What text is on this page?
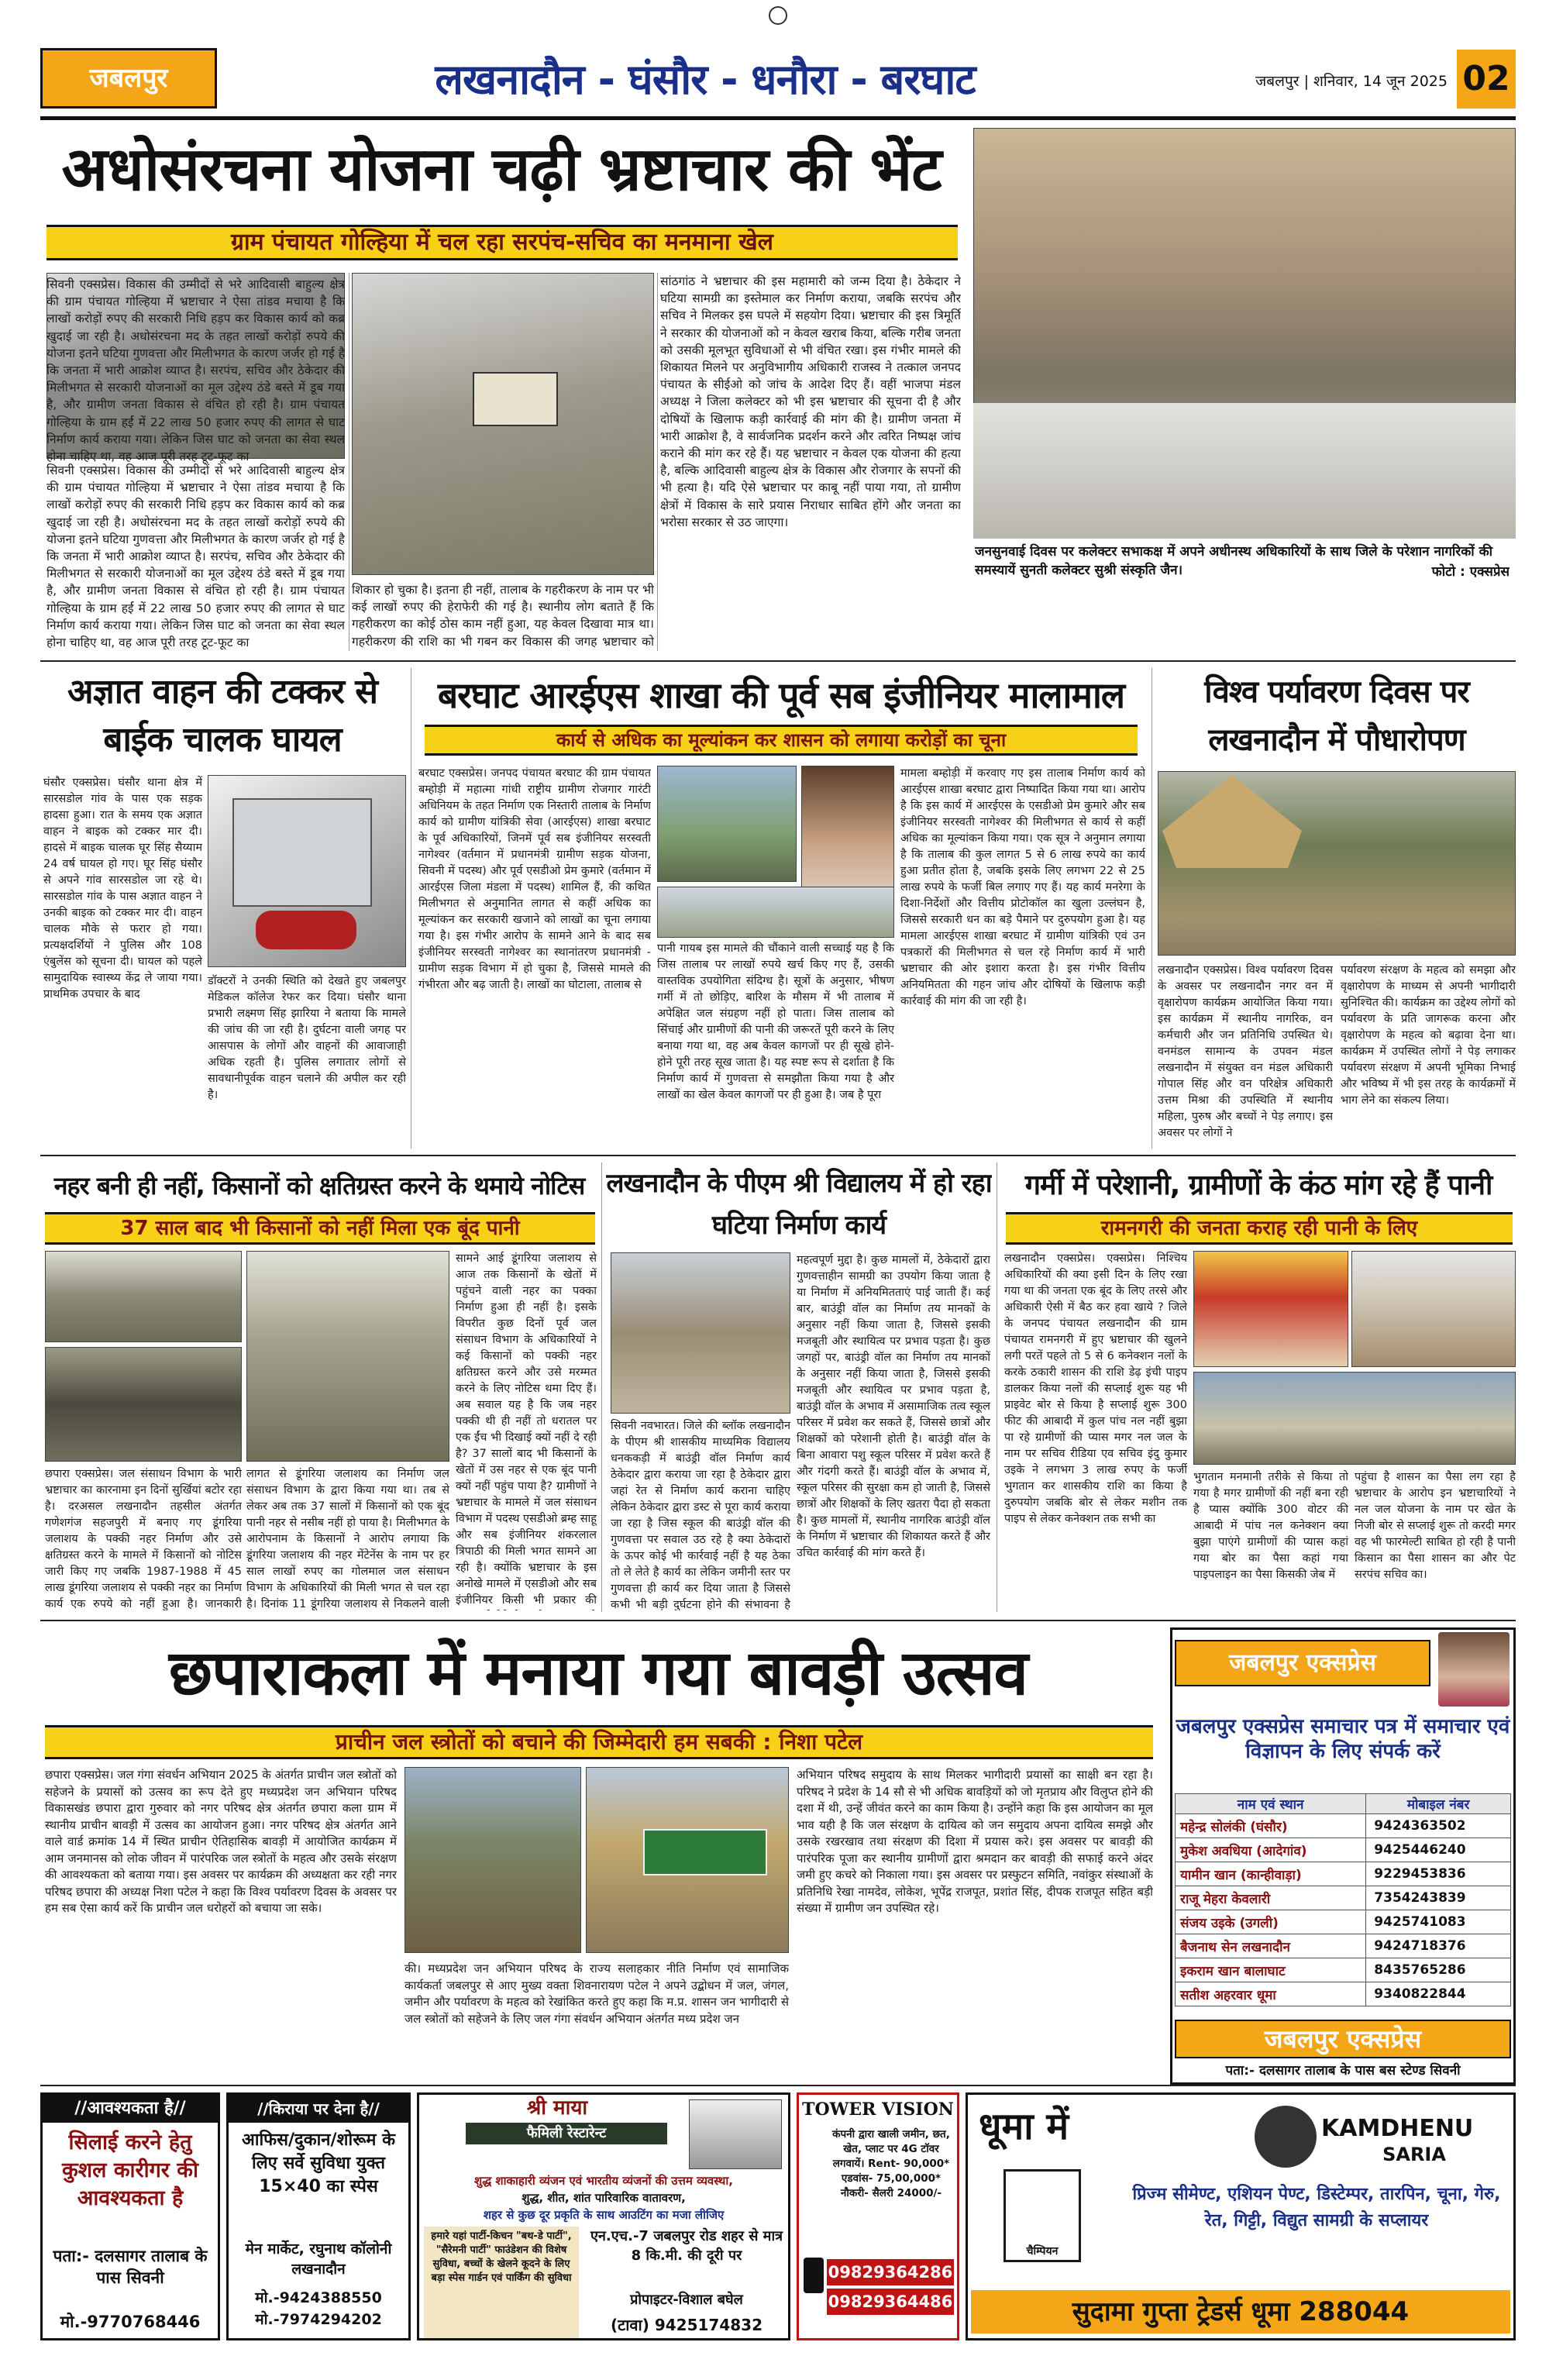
जबलपुर	लखनादौन - घंसौर - धनौरा - बरघाट	जबलपुर | शनिवार, 14 जून 2025 02
अधोसंरचना योजना चढ़ी भ्रष्टाचार की भेंट
ग्राम पंचायत गोल्हिया में चल रहा सरपंच-सचिव का मनमाना खेल
सिवनी एक्सप्रेस। विकास की उम्मीदों से भरे आदिवासी बाहुल्य क्षेत्र की ग्राम पंचायत गोल्हिया में भ्रष्टाचार ने ऐसा तांडव मचाया है कि लाखों करोड़ों रुपए की सरकारी निधि हड़प कर विकास कार्य को कब्र खुदाई जा रही है। अधोसंरचना मद के तहत लाखों करोड़ों रुपये की योजना इतने घटिया गुणवत्ता और मिलीभगत के कारण जर्जर हो गई है कि जनता में भारी आक्रोश व्याप्त है। सरपंच, सचिव और ठेकेदार की मिलीभगत से सरकारी योजनाओं का मूल उद्देश्य ठंडे बस्ते में डूब गया है, और ग्रामीण जनता विकास से वंचित हो रही है। ग्राम पंचायत गोल्हिया के ग्राम हर्ई में 22 लाख 50 हजार रुपए की लागत से घाट निर्माण कार्य कराया गया। लेकिन जिस घाट को जनता का सेवा स्थल होना चाहिए था, वह आज पूरी तरह टूट-फूट का
सिवनी एक्सप्रेस। विकास की उम्मीदों से भरे आदिवासी बाहुल्य क्षेत्र की ग्राम पंचायत गोल्हिया में भ्रष्टाचार ने ऐसा तांडव मचाया है कि लाखों करोड़ों रुपए की सरकारी निधि हड़प कर विकास कार्य को कब्र खुदाई जा रही है। अधोसंरचना मद के तहत लाखों करोड़ों रुपये की योजना इतने घटिया गुणवत्ता और मिलीभगत के कारण जर्जर हो गई है कि जनता में भारी आक्रोश व्याप्त है। सरपंच, सचिव और ठेकेदार की मिलीभगत से सरकारी योजनाओं का मूल उद्देश्य ठंडे बस्ते में डूब गया है, और ग्रामीण जनता विकास से वंचित हो रही है। ग्राम पंचायत गोल्हिया के ग्राम हर्ई में 22 लाख 50 हजार रुपए की लागत से घाट निर्माण कार्य कराया गया। लेकिन जिस घाट को जनता का सेवा स्थल होना चाहिए था, वह आज पूरी तरह टूट-फूट का
शिकार हो चुका है। इतना ही नहीं, तालाब के गहरीकरण के नाम पर भी कई लाखों रुपए की हेराफेरी की गई है। स्थानीय लोग बताते हैं कि गहरीकरण का कोई ठोस काम नहीं हुआ, यह केवल दिखावा मात्र था। गहरीकरण की राशि का भी गबन कर विकास की जगह भ्रष्टाचार को
सांठगांठ ने भ्रष्टाचार की इस महामारी को जन्म दिया है। ठेकेदार ने घटिया सामग्री का इस्तेमाल कर निर्माण कराया, जबकि सरपंच और सचिव ने मिलकर इस घपले में सहयोग दिया। भ्रष्टाचार की इस त्रिमूर्ति ने सरकार की योजनाओं को न केवल खराब किया, बल्कि गरीब जनता को उसकी मूलभूत सुविधाओं से भी वंचित रखा। इस गंभीर मामले की शिकायत मिलने पर अनुविभागीय अधिकारी राजस्व ने तत्काल जनपद पंचायत के सीईओ को जांच के आदेश दिए हैं। वहीं भाजपा मंडल अध्यक्ष ने जिला कलेक्टर को भी इस भ्रष्टाचार की सूचना दी है और दोषियों के खिलाफ कड़ी कार्रवाई की मांग की है। ग्रामीण जनता में भारी आक्रोश है, वे सार्वजनिक प्रदर्शन करने और त्वरित निष्पक्ष जांच कराने की मांग कर रहे हैं। यह भ्रष्टाचार न केवल एक योजना की हत्या है, बल्कि आदिवासी बाहुल्य क्षेत्र के विकास और रोजगार के सपनों की भी हत्या है। यदि ऐसे भ्रष्टाचार पर काबू नहीं पाया गया, तो ग्रामीण क्षेत्रों में विकास के सारे प्रयास निराधार साबित होंगे और जनता का भरोसा सरकार से उठ जाएगा।
जनसुनवाई दिवस पर कलेक्टर सभाकक्ष में अपने अधीनस्थ अधिकारियों के साथ जिले के परेशान नागरिकों की समस्यायें सुनती कलेक्टर सुश्री संस्कृति जैन।	फोटो : एक्सप्रेस
अज्ञात वाहन की टक्कर से बाईक चालक घायल
घंसौर एक्सप्रेस। घंसौर थाना क्षेत्र में सारसडोल गांव के पास एक सड़क हादसा हुआ। रात के समय एक अज्ञात वाहन ने बाइक को टक्कर मार दी। हादसे में बाइक चालक घूर सिंह सैय्याम 24 वर्ष घायल हो गए। घूर सिंह घंसौर से अपने गांव सारसडोल जा रहे थे। सारसडोल गांव के पास अज्ञात वाहन ने उनकी बाइक को टक्कर मार दी। वाहन चालक मौके से फरार हो गया। प्रत्यक्षदर्शियों ने पुलिस और 108 एंबुलेंस को सूचना दी। घायल को पहले सामुदायिक स्वास्थ्य केंद्र ले जाया गया। प्राथमिक उपचार के बाद
डॉक्टरों ने उनकी स्थिति को देखते हुए जबलपुर मेडिकल कॉलेज रेफर कर दिया। घंसौर थाना प्रभारी लक्ष्मण सिंह झारिया ने बताया कि मामले की जांच की जा रही है। दुर्घटना वाली जगह पर आसपास के लोगों और वाहनों की आवाजाही अधिक रहती है। पुलिस लगातार लोगों से सावधानीपूर्वक वाहन चलाने की अपील कर रही है।
बरघाट आरईएस शाखा की पूर्व सब इंजीनियर मालामाल
कार्य से अधिक का मूल्यांकन कर शासन को लगाया करोड़ों का चूना
बरघाट एक्सप्रेस। जनपद पंचायत बरघाट की ग्राम पंचायत बम्होड़ी में महात्मा गांधी राष्ट्रीय ग्रामीण रोजगार गारंटी अधिनियम के तहत निर्माण एक निस्तारी तालाब के निर्माण कार्य को ग्रामीण यांत्रिकी सेवा (आरईएस) शाखा बरघाट के पूर्व अधिकारियों, जिनमें पूर्व सब इंजीनियर सरस्वती नागेश्वर (वर्तमान में प्रधानमंत्री ग्रामीण सड़क योजना, सिवनी में पदस्थ) और पूर्व एसडीओ प्रेम कुमारे (वर्तमान में आरईएस जिला मंडला में पदस्थ) शामिल हैं, की कथित मिलीभगत से अनुमानित लागत से कहीं अधिक का मूल्यांकन कर सरकारी खजाने को लाखों का चूना लगाया गया है। इस गंभीर आरोप के सामने आने के बाद सब इंजीनियर सरस्वती नागेश्वर का स्थानांतरण प्रधानमंत्री - ग्रामीण सड़क विभाग में हो चुका है, जिससे मामले की गंभीरता और बढ़ जाती है। लाखों का घोटाला, तालाब से
पानी गायब इस मामले की चौंकाने वाली सच्चाई यह है कि जिस तालाब पर लाखों रुपये खर्च किए गए हैं, उसकी वास्तविक उपयोगिता संदिग्ध है। सूत्रों के अनुसार, भीषण गर्मी में तो छोड़िए, बारिश के मौसम में भी तालाब में अपेक्षित जल संग्रहण नहीं हो पाता। जिस तालाब को सिंचाई और ग्रामीणों की पानी की जरूरतें पूरी करने के लिए बनाया गया था, वह अब केवल कागजों पर ही सूखे होने-होने पूरी तरह सूख जाता है। यह स्पष्ट रूप से दर्शाता है कि निर्माण कार्य में गुणवत्ता से समझौता किया गया है और लाखों का खेल केवल कागजों पर ही हुआ है। जब है पूरा
मामला बम्होड़ी में करवाए गए इस तालाब निर्माण कार्य को आरईएस शाखा बरघाट द्वारा निष्पादित किया गया था। आरोप है कि इस कार्य में आरईएस के एसडीओ प्रेम कुमारे और सब इंजीनियर सरस्वती नागेश्वर की मिलीभगत से कार्य से कहीं अधिक का मूल्यांकन किया गया। एक सूत्र ने अनुमान लगाया है कि तालाब की कुल लागत 5 से 6 लाख रुपये का कार्य हुआ प्रतीत होता है, जबकि इसके लिए लगभग 22 से 25 लाख रुपये के फर्जी बिल लगाए गए हैं। यह कार्य मनरेगा के दिशा-निर्देशों और वित्तीय प्रोटोकॉल का खुला उल्लंघन है, जिससे सरकारी धन का बड़े पैमाने पर दुरुपयोग हुआ है। यह मामला आरईएस शाखा बरघाट में ग्रामीण यांत्रिकी एवं उन पत्रकारों की मिलीभगत से चल रहे निर्माण कार्य में भारी भ्रष्टाचार की ओर इशारा करता है। इस गंभीर वित्तीय अनियमितता की गहन जांच और दोषियों के खिलाफ कड़ी कार्रवाई की मांग की जा रही है।
विश्व पर्यावरण दिवस पर लखनादौन में पौधारोपण
लखनादौन एक्सप्रेस। विश्व पर्यावरण दिवस के अवसर पर लखनादौन नगर वन में वृक्षारोपण कार्यक्रम आयोजित किया गया। इस कार्यक्रम में स्थानीय नागरिक, वन कर्मचारी और जन प्रतिनिधि उपस्थित थे। वनमंडल सामान्य के उपवन मंडल लखनादौन में संयुक्त वन मंडल अधिकारी गोपाल सिंह और वन परिक्षेत्र अधिकारी उत्तम मिश्रा की उपस्थिति में स्थानीय महिला, पुरुष और बच्चों ने पेड़ लगाए। इस अवसर पर लोगों ने
पर्यावरण संरक्षण के महत्व को समझा और वृक्षारोपण के माध्यम से अपनी भागीदारी सुनिश्चित की। कार्यक्रम का उद्देश्य लोगों को पर्यावरण के प्रति जागरूक करना और वृक्षारोपण के महत्व को बढ़ावा देना था। कार्यक्रम में उपस्थित लोगों ने पेड़ लगाकर पर्यावरण संरक्षण में अपनी भूमिका निभाई और भविष्य में भी इस तरह के कार्यक्रमों में भाग लेने का संकल्प लिया।
नहर बनी ही नहीं, किसानों को क्षतिग्रस्त करने के थमाये नोटिस
37 साल बाद भी किसानों को नहीं मिला एक बूंद पानी
छपारा एक्सप्रेस। जल संसाधन विभाग के भारी भ्रष्टाचार का कारनामा इन दिनों सुर्खियां बटोर रहा है। दरअसल लखनादौन तहसील अंतर्गत गणेशगंज सहजपुरी में बनाए गए डूंगरिया जलाशय के पक्की नहर निर्माण और उसे क्षतिग्रस्त करने के मामले में किसानों को नोटिस जारी किए गए जबकि 1987-1988 में 45 लाख डूंगरिया जलाशय से पक्की नहर का निर्माण कार्य एक रुपये को नहीं हुआ है। जानकारी
लागत से डूंगरिया जलाशय का निर्माण जल संसाधन विभाग के द्वारा किया गया था। तब से लेकर अब तक 37 सालों में किसानों को एक बूंद पानी नहर से नसीब नहीं हो पाया है। मिलीभगत के आरोपनाम के किसानों ने आरोप लगाया कि डूंगरिया जलाशय की नहर मेंटेनेंस के नाम पर हर साल लाखों रुपए का गोलमाल जल संसाधन विभाग के अधिकारियों की मिली भगत से चल रहा है। दिनांक 11 डूंगरिया जलाशय से निकलने वाली
सामने आई डूंगरिया जलाशय से आज तक किसानों के खेतों में पहुंचने वाली नहर का पक्का निर्माण हुआ ही नहीं है। इसके विपरीत कुछ दिनों पूर्व जल संसाधन विभाग के अधिकारियों ने कई किसानों को पक्की नहर क्षतिग्रस्त करने और उसे मरम्मत करने के लिए नोटिस थमा दिए हैं। अब सवाल यह है कि जब नहर पक्की थी ही नहीं तो धरातल पर एक ईंच भी दिखाई क्यों नहीं दे रही है? 37 सालों बाद भी किसानों के खेतों में उस नहर से एक बूंद पानी क्यों नहीं पहुंच पाया है? ग्रामीणों ने भ्रष्टाचार के मामले में जल संसाधन विभाग में पदस्थ एसडीओ ब्रम्ह साहू और सब इंजीनियर शंकरलाल त्रिपाठी की मिली भगत सामने आ रही है। क्योंकि भ्रष्टाचार के इस अनोखे मामले में एसडीओ और सब इंजीनियर किसी भी प्रकार की
लखनादौन के पीएम श्री विद्यालय में हो रहा घटिया निर्माण कार्य
सिवनी नवभारत। जिले की ब्लॉक लखनादौन के पीएम श्री शासकीय माध्यमिक विद्यालय धनककड़ी में बाउंड्री वॉल निर्माण कार्य ठेकेदार द्वारा कराया जा रहा है ठेकेदार द्वारा जहां रेत से निर्माण कार्य कराना चाहिए लेकिन ठेकेदार द्वारा डस्ट से पूरा कार्य कराया जा रहा है जिस स्कूल की बाउंड्री वॉल की गुणवत्ता पर सवाल उठ रहे है क्या ठेकेदारों के ऊपर कोई भी कार्रवाई नहीं है यह ठेका तो ले लेते है कार्य का लेकिन जमीनी स्तर पर गुणवत्ता ही कार्य कर दिया जाता है जिससे कभी भी बड़ी दुर्घटना होने की संभावना है
महत्वपूर्ण मुद्दा है। कुछ मामलों में, ठेकेदारों द्वारा गुणवत्ताहीन सामग्री का उपयोग किया जाता है या निर्माण में अनियमितताएं पाई जाती हैं। कई बार, बाउंड्री वॉल का निर्माण तय मानकों के अनुसार नहीं किया जाता है, जिससे इसकी मजबूती और स्थायित्व पर प्रभाव पड़ता है। कुछ जगहों पर, बाउंड्री वॉल का निर्माण तय मानकों के अनुसार नहीं किया जाता है, जिससे इसकी मजबूती और स्थायित्व पर प्रभाव पड़ता है, बाउंड्री वॉल के अभाव में असामाजिक तत्व स्कूल परिसर में प्रवेश कर सकते हैं, जिससे छात्रों और शिक्षकों को परेशानी होती है। बाउंड्री वॉल के बिना आवारा पशु स्कूल परिसर में प्रवेश करते हैं और गंदगी करते हैं। बाउंड्री वॉल के अभाव में, स्कूल परिसर की सुरक्षा कम हो जाती है, जिससे छात्रों और शिक्षकों के लिए खतरा पैदा हो सकता है। कुछ मामलों में, स्थानीय नागरिक बाउंड्री वॉल के निर्माण में भ्रष्टाचार की शिकायत करते हैं और उचित कार्रवाई की मांग करते हैं।
गर्मी में परेशानी, ग्रामीणों के कंठ मांग रहे हैं पानी
रामनगरी की जनता कराह रही पानी के लिए
लखनादौन एक्सप्रेस। एक्सप्रेस। निश्चिय अधिकारियों की क्या इसी दिन के लिए रखा गया था की जनता एक बूंद के लिए तरसे और अधिकारी ऐसी में बैठ कर हवा खाये ? जिले के जनपद पंचायत लखनादौन की ग्राम पंचायत रामनगरी में हुए भ्रष्टाचार की खुलने लगी परतें पहले तो 5 से 6 कनेक्शन नलों के करके ठकारी शासन की राशि डेढ़ इंची पाइप डालकर किया नलों की सप्लाई शुरू यह भी प्राइवेट बोर से किया है सप्लाई शुरू 300 फीट की आबादी में कुल पांच नल नहीं बुझा पा रहे ग्रामीणों की प्यास मगर नल जल के नाम पर सचिव रीडिया एव सचिव इंदु कुमार उइके ने लगभग 3 लाख रुपए के फर्जी भुगतान कर शासकीय राशि का किया है दुरुपयोग जबकि बोर से लेकर मशीन तक पाइप से लेकर कनेक्शन तक सभी का
भुगतान मनमानी तरीके से किया तो गया है मगर ग्रामीणों की नहीं बना रही है प्यास क्योंकि 300 वोटर की आबादी में पांच नल कनेक्शन क्या बुझा पाएंगे ग्रामीणों की प्यास कहां गया बोर का पैसा कहां गया पाइपलाइन का पैसा किसकी जेब में
पहुंचा है शासन का पैसा लग रहा है भ्रष्टाचार के आरोप इन भ्रष्टाचारियों ने नल जल योजना के नाम पर खेत के निजी बोर से सप्लाई शुरू तो करदी मगर वह भी फारमेल्टी साबित हो रही है पानी किसान का पैसा शासन का और पेट सरपंच सचिव का।
छपाराकला में मनाया गया बावड़ी उत्सव
प्राचीन जल स्त्रोतों को बचाने की जिम्मेदारी हम सबकी : निशा पटेल
छपारा एक्सप्रेस। जल गंगा संवर्धन अभियान 2025 के अंतर्गत प्राचीन जल स्त्रोतों को सहेजने के प्रयासों को उत्सव का रूप देते हुए मध्यप्रदेश जन अभियान परिषद विकासखंड छपारा द्वारा गुरुवार को नगर परिषद क्षेत्र अंतर्गत छपारा कला ग्राम में स्थानीय प्राचीन बावड़ी में उत्सव का आयोजन हुआ। नगर परिषद क्षेत्र अंतर्गत आने वाले वार्ड क्रमांक 14 में स्थित प्राचीन ऐतिहासिक बावड़ी में आयोजित कार्यक्रम में आम जनमानस को लोक जीवन में पारंपरिक जल स्त्रोतों के महत्व और उसके संरक्षण की आवश्यकता को बताया गया। इस अवसर पर कार्यक्रम की अध्यक्षता कर रही नगर परिषद छपारा की अध्यक्ष निशा पटेल ने कहा कि विश्व पर्यावरण दिवस के अवसर पर हम सब ऐसा कार्य करें कि प्राचीन जल धरोहरों को बचाया जा सके।
की। मध्यप्रदेश जन अभियान परिषद के राज्य सलाहकार नीति निर्माण एवं सामाजिक कार्यकर्ता जबलपुर से आए मुख्य वक्ता शिवनारायण पटेल ने अपने उद्बोधन में जल, जंगल, जमीन और पर्यावरण के महत्व को रेखांकित करते हुए कहा कि म.प्र. शासन जन भागीदारी से जल स्त्रोतों को सहेजने के लिए जल गंगा संवर्धन अभियान अंतर्गत मध्य प्रदेश जन
अभियान परिषद समुदाय के साथ मिलकर भागीदारी प्रयासों का साक्षी बन रहा है। परिषद ने प्रदेश के 14 सौ से भी अधिक बावड़ियों को जो मृतप्राय और विलुप्त होने की दशा में थी, उन्हें जीवंत करने का काम किया है। उन्होंने कहा कि इस आयोजन का मूल भाव यही है कि जल संरक्षण के दायित्व को जन समुदाय अपना दायित्व समझे और उसके रखरखाव तथा संरक्षण की दिशा में प्रयास करे। इस अवसर पर बावड़ी की पारंपरिक पूजा कर स्थानीय ग्रामीणों द्वारा श्रमदान कर बावड़ी की सफाई करने अंदर जमी हुए कचरे को निकाला गया। इस अवसर पर प्रस्फुटन समिति, नवांकुर संस्थाओं के प्रतिनिधि रेखा नामदेव, लोकेश, भूपेंद्र राजपूत, प्रशांत सिंह, दीपक राजपूत सहित बड़ी संख्या में ग्रामीण जन उपस्थित रहे।
जबलपुर एक्सप्रेस
जबलपुर एक्सप्रेस समाचार पत्र में समाचार एवं विज्ञापन के लिए संपर्क करें
नाम एवं स्थान	मोबाइल नंबर
महेन्द्र सोलंकी (घंसौर)	9424363502
मुकेश अवधिया (आदेगांव)	9425446240
यामीन खान (कान्हीवाड़ा)	9229453836
राजू मेहरा केवलारी	7354243839
संजय उइके (उगली)	9425741083
बैजनाथ सेन लखनादौन	9424718376
इकराम खान बालाघाट	8435765286
सतीश अहरवार धूमा	9340822844
जबलपुर एक्सप्रेस
पता:- दलसागर तालाब के पास बस स्टेण्ड सिवनी
//आवश्यकता है//
सिलाई करने हेतु कुशल कारीगर की आवश्यकता है
पता:- दलसागर तालाब के पास सिवनी
मो.-9770768446
//किराया पर देना है//
आफिस/दुकान/शोरूम के लिए सर्वे सुविधा युक्त 15×40 का स्पेस
मेन मार्केट, रघुनाथ कॉलोनी लखनादौन
मो.-9424388550
मो.-7974294202
श्री माया
फैमिली रेस्टारेन्ट
शुद्ध शाकाहारी व्यंजन एवं भारतीय व्यंजनों की उत्तम व्यवस्था,
शुद्ध, शीत, शांत पारिवारिक वातावरण,
शहर से कुछ दूर प्रकृति के साथ आउटिंग का मजा लीजिए
हमारे यहां पार्टी-किचन "बथ-डे पार्टी", "सैरेमनी पार्टी" फाउंडेशन की विशेष सुविधा, बच्चों के खेलने कूदने के लिए बड़ा स्पेस गार्डन एवं पार्किंग की सुविधा
एन.एच.-7 जबलपुर रोड शहर से मात्र 8 कि.मी. की दूरी पर
प्रोपाइटर-विशाल बघेल
(टावा) 9425174832
TOWER VISION
कंपनी द्वारा खाली जमीन, छत, खेत, प्लाट पर 4G टॉवर लगवायें। Rent- 90,000* एडवांस- 75,00,000* नौकरी- सैलरी 24000/-
09829364286
09829364486
धूमा में
चैम्पियन
KAMDHENU
SARIA
प्रिज्म सीमेण्ट, एशियन पेण्ट, डिस्टेम्पर, तारपिन, चूना, गेरु, रेत, गिट्टी, विद्युत सामग्री के सप्लायर
सुदामा गुप्ता ट्रेडर्स धूमा 288044
